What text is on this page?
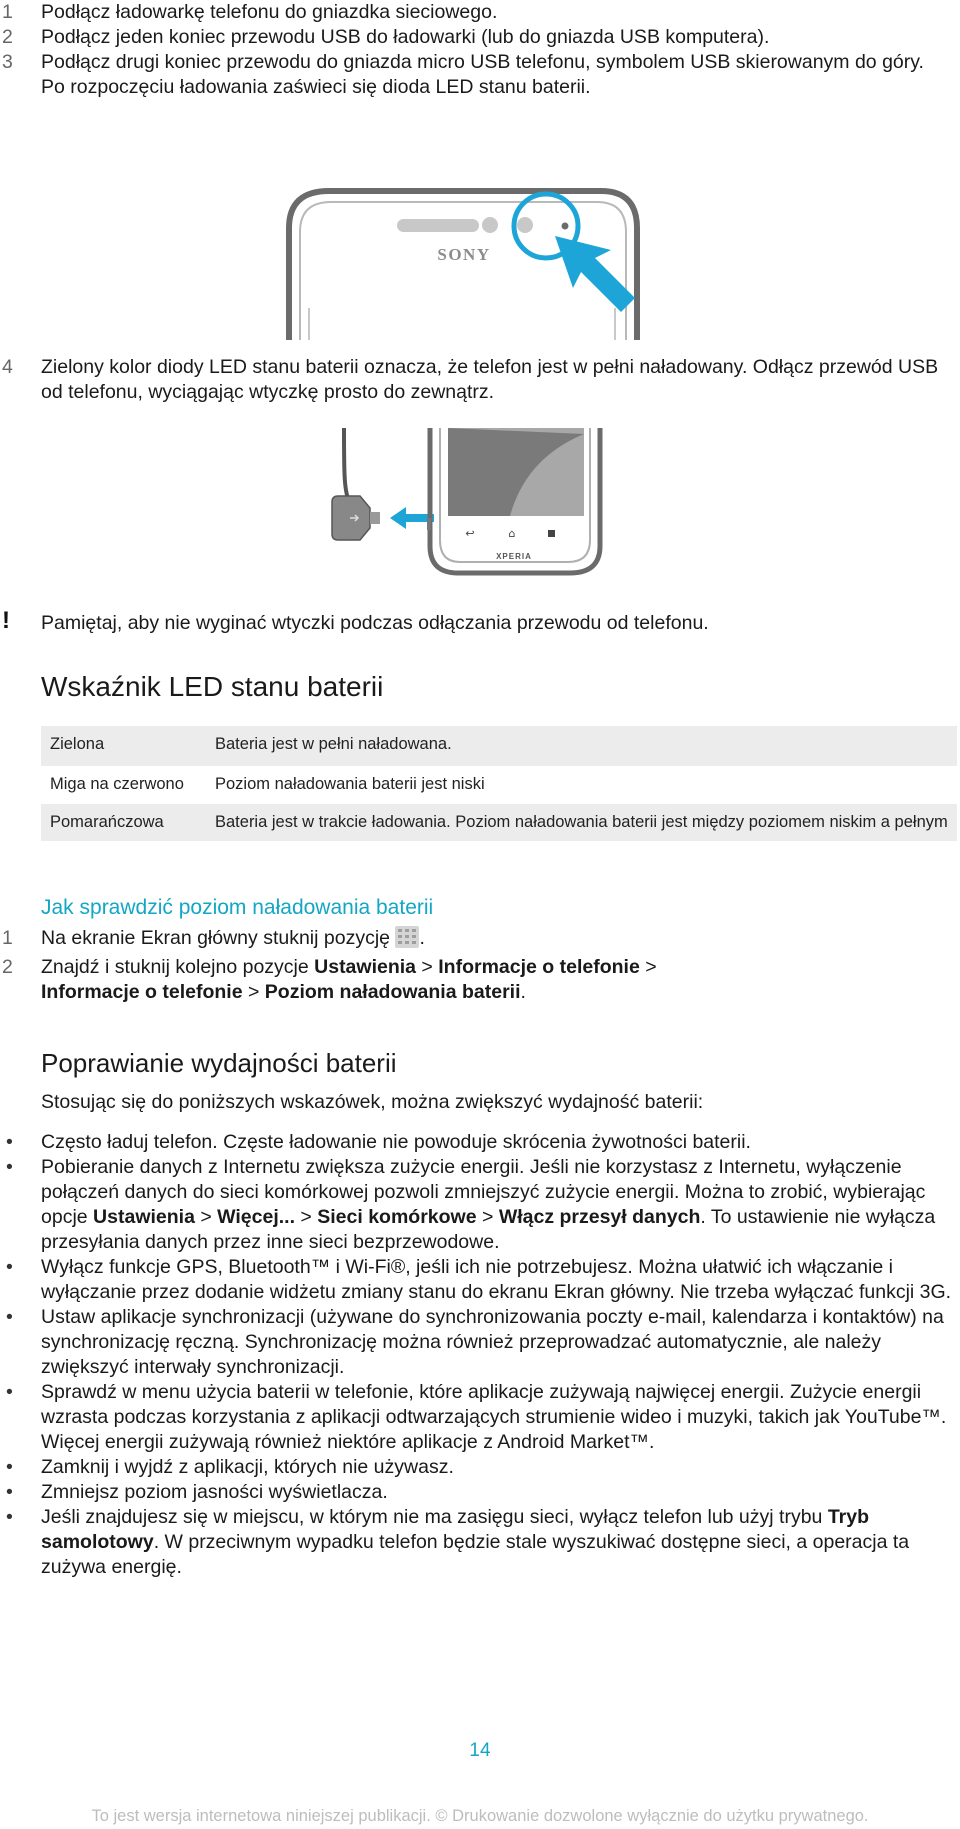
1 Podłącz ładowarkę telefonu do gniazdka sieciowego.
2 Podłącz jeden koniec przewodu USB do ładowarki (lub do gniazda USB komputera).
3 Podłącz drugi koniec przewodu do gniazda micro USB telefonu, symbolem USB skierowanym do góry. Po rozpoczęciu ładowania zaświeci się dioda LED stanu baterii.
SONY
4 Zielony kolor diody LED stanu baterii oznacza, że telefon jest w pełni naładowany. Odłącz przewód USB od telefonu, wyciągając wtyczkę prosto do zewnątrz.
↩	⌂
XPERIA
!	Pamiętaj, aby nie wyginać wtyczki podczas odłączania przewodu od telefonu.
Wskaźnik LED stanu baterii
Zielona	Bateria jest w pełni naładowana.
Miga na czerwono	Poziom naładowania baterii jest niski
Pomarańczowa	Bateria jest w trakcie ładowania. Poziom naładowania baterii jest między poziomem niskim a pełnym
Jak sprawdzić poziom naładowania baterii
1 Na ekranie Ekran główny stuknij pozycję .
2 Znajdź i stuknij kolejno pozycje Ustawienia > Informacje o telefonie >
Informacje o telefonie > Poziom naładowania baterii.
Poprawianie wydajności baterii
Stosując się do poniższych wskazówek, można zwiększyć wydajność baterii:
• Często ładuj telefon. Częste ładowanie nie powoduje skrócenia żywotności baterii.
• Pobieranie danych z Internetu zwiększa zużycie energii. Jeśli nie korzystasz z Internetu, wyłączenie połączeń danych do sieci komórkowej pozwoli zmniejszyć zużycie energii. Można to zrobić, wybierając opcje Ustawienia > Więcej... > Sieci komórkowe > Włącz przesył danych. To ustawienie nie wyłącza przesyłania danych przez inne sieci bezprzewodowe.
• Wyłącz funkcje GPS, Bluetooth™ i Wi-Fi®, jeśli ich nie potrzebujesz. Można ułatwić ich włączanie i wyłączanie przez dodanie widżetu zmiany stanu do ekranu Ekran główny. Nie trzeba wyłączać funkcji 3G.
• Ustaw aplikacje synchronizacji (używane do synchronizowania poczty e-mail, kalendarza i kontaktów) na synchronizację ręczną. Synchronizację można również przeprowadzać automatycznie, ale należy zwiększyć interwały synchronizacji.
• Sprawdź w menu użycia baterii w telefonie, które aplikacje zużywają najwięcej energii. Zużycie energii wzrasta podczas korzystania z aplikacji odtwarzających strumienie wideo i muzyki, takich jak YouTube™. Więcej energii zużywają również niektóre aplikacje z Android Market™.
• Zamknij i wyjdź z aplikacji, których nie używasz.
• Zmniejsz poziom jasności wyświetlacza.
• Jeśli znajdujesz się w miejscu, w którym nie ma zasięgu sieci, wyłącz telefon lub użyj trybu Tryb samolotowy. W przeciwnym wypadku telefon będzie stale wyszukiwać dostępne sieci, a operacja ta zużywa energię.
14
To jest wersja internetowa niniejszej publikacji. © Drukowanie dozwolone wyłącznie do użytku prywatnego.
